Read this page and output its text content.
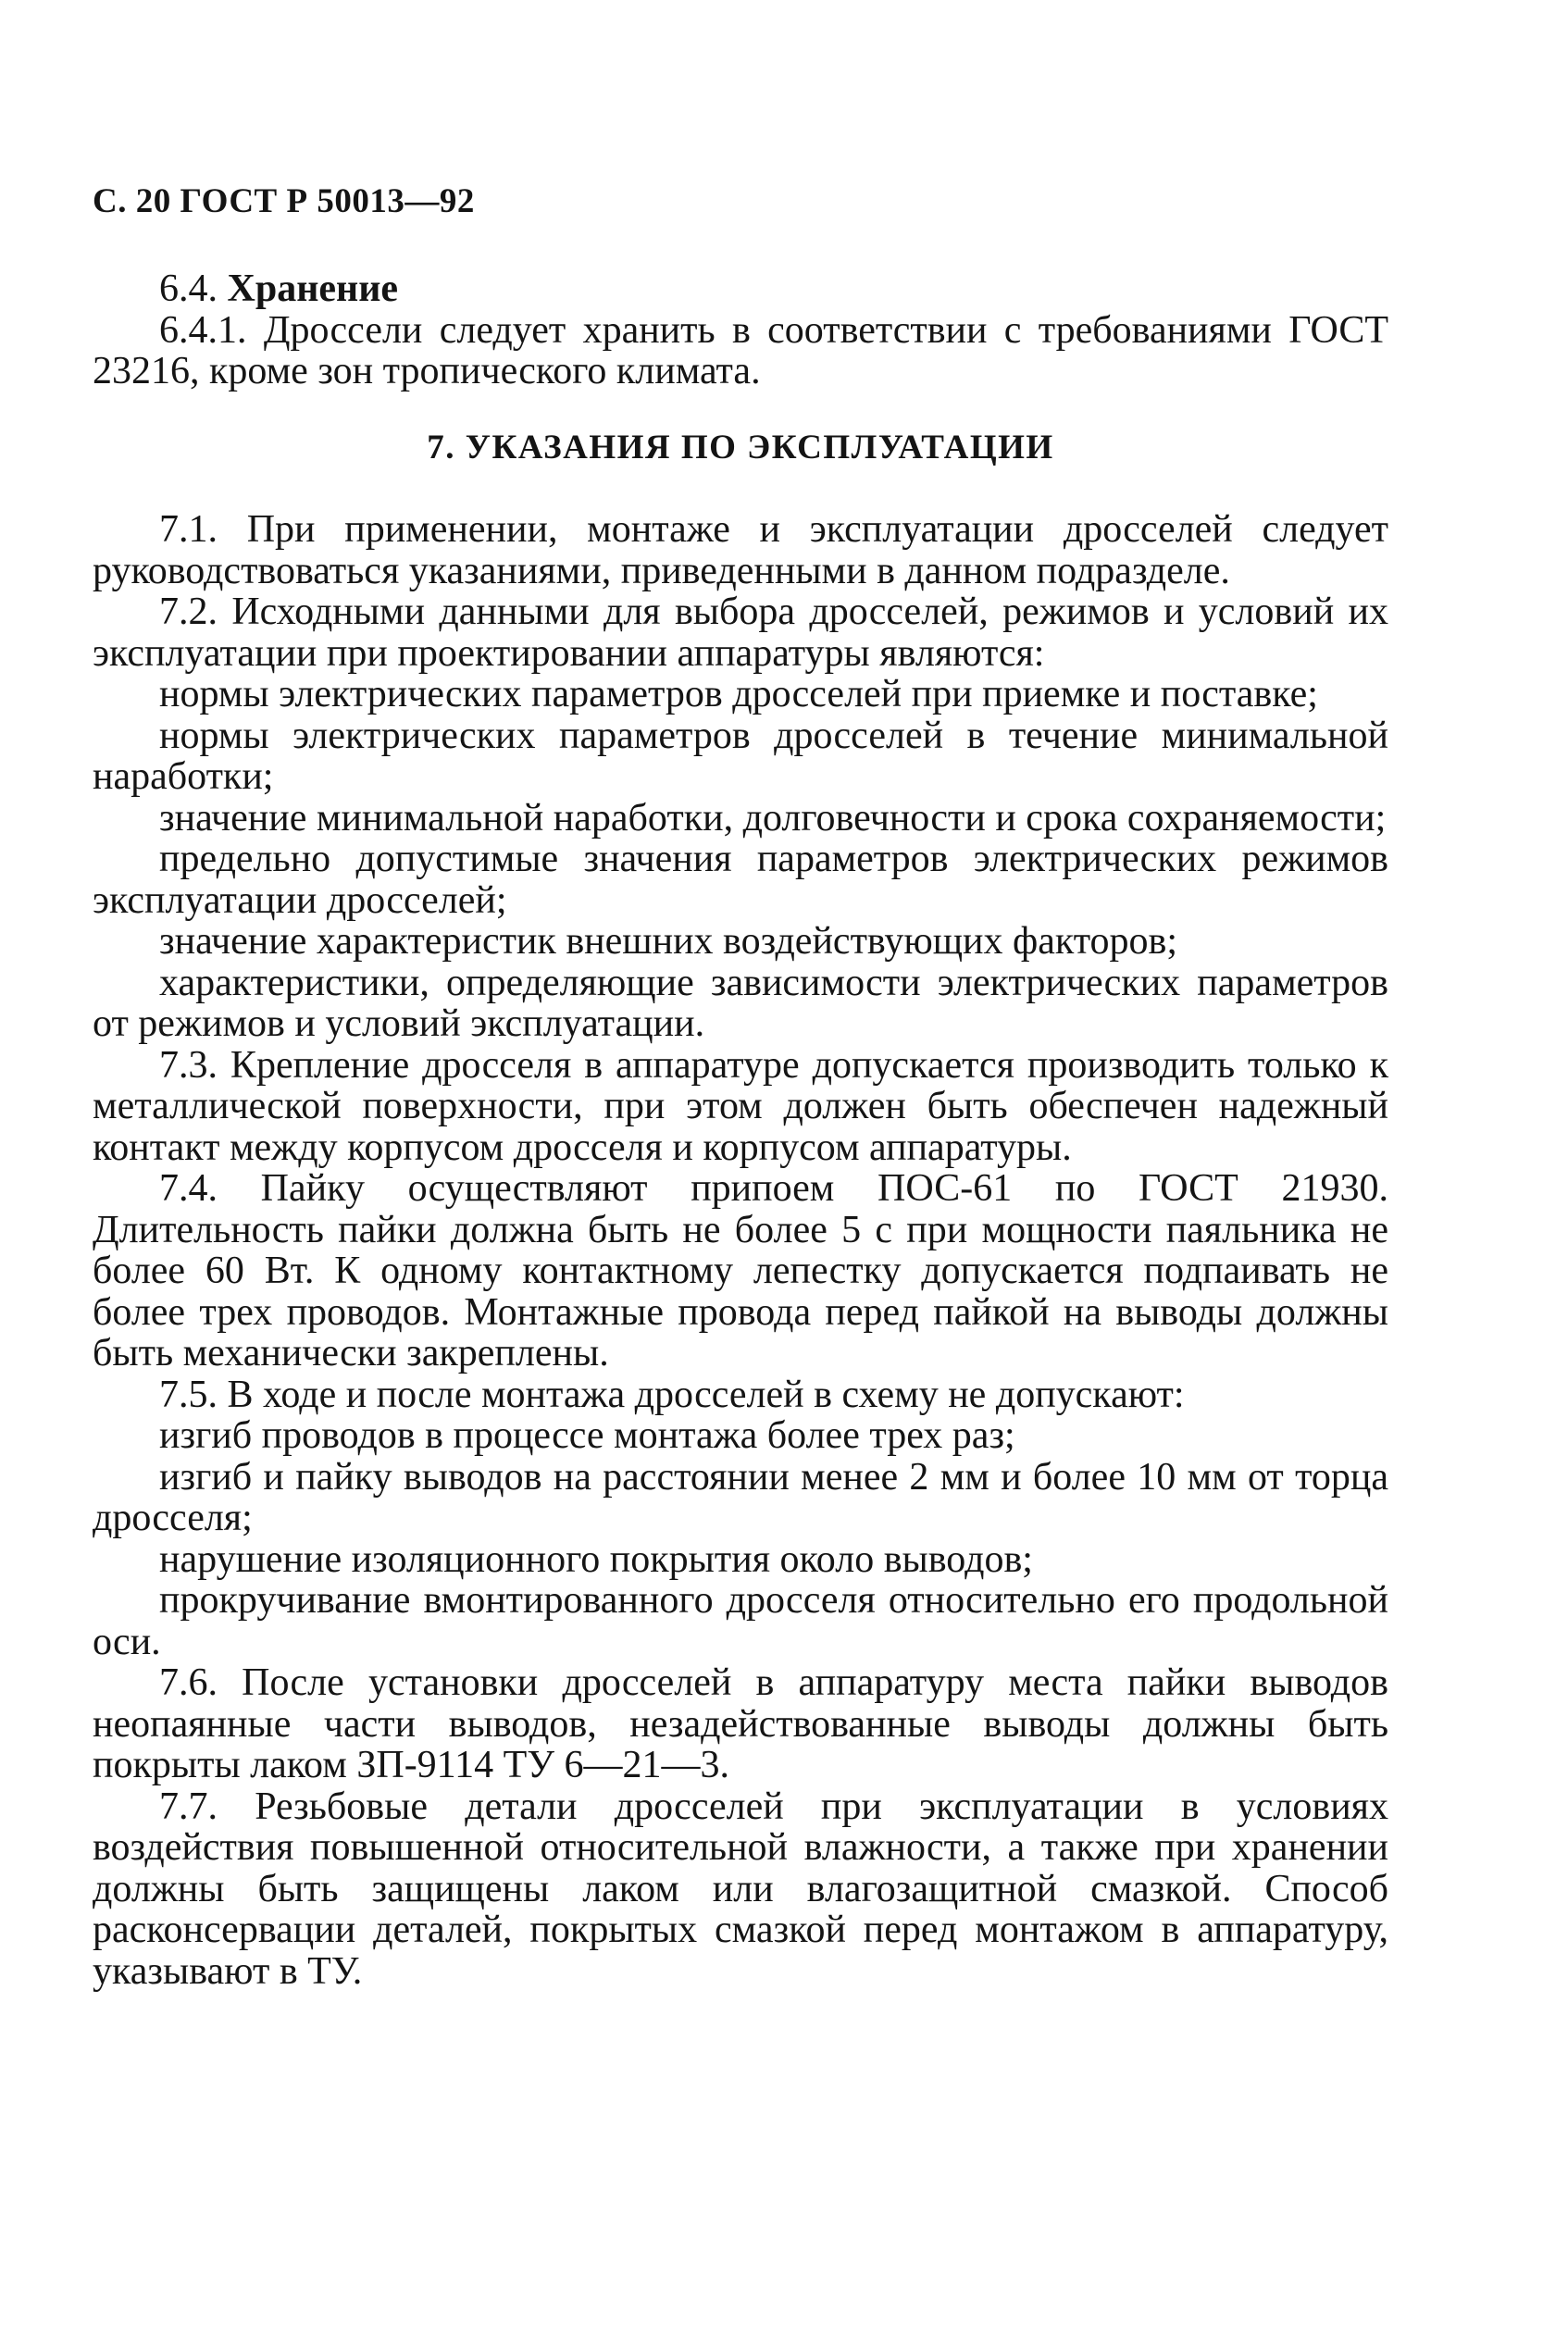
С. 20 ГОСТ Р 50013—92

6.4. Хранение

6.4.1. Дроссели следует хранить в соответствии с требованиями ГОСТ 23216, кроме зон тропического климата.

7. УКАЗАНИЯ ПО ЭКСПЛУАТАЦИИ

7.1. При применении, монтаже и эксплуатации дросселей следует руководствоваться указаниями, приведенными в данном подразделе.

7.2. Исходными данными для выбора дросселей, режимов и условий их эксплуатации при проектировании аппаратуры являются:

нормы электрических параметров дросселей при приемке и поставке;

нормы электрических параметров дросселей в течение минимальной наработки;

значение минимальной наработки, долговечности и срока сохраняемости;

предельно допустимые значения параметров электрических режимов эксплуатации дросселей;

значение характеристик внешних воздействующих факторов;

характеристики, определяющие зависимости электрических параметров от режимов и условий эксплуатации.

7.3. Крепление дросселя в аппаратуре допускается производить только к металлической поверхности, при этом должен быть обеспечен надежный контакт между корпусом дросселя и корпусом аппаратуры.

7.4. Пайку осуществляют припоем ПОС-61 по ГОСТ 21930. Длительность пайки должна быть не более 5 с при мощности паяльника не более 60 Вт. К одному контактному лепестку допускается подпаивать не более трех проводов. Монтажные провода перед пайкой на выводы должны быть механически закреплены.

7.5. В ходе и после монтажа дросселей в схему не допускают:

изгиб проводов в процессе монтажа более трех раз;

изгиб и пайку выводов на расстоянии менее 2 мм и более 10 мм от торца дросселя;

нарушение изоляционного покрытия около выводов;

прокручивание вмонтированного дросселя относительно его продольной оси.

7.6. После установки дросселей в аппаратуру места пайки выводов неопаянные части выводов, незадействованные выводы должны быть покрыты лаком ЗП-9114 ТУ 6—21—3.

7.7. Резьбовые детали дросселей при эксплуатации в условиях воздействия повышенной относительной влажности, а также при хранении должны быть защищены лаком или влагозащитной смазкой. Способ расконсервации деталей, покрытых смазкой перед монтажом в аппаратуру, указывают в ТУ.
